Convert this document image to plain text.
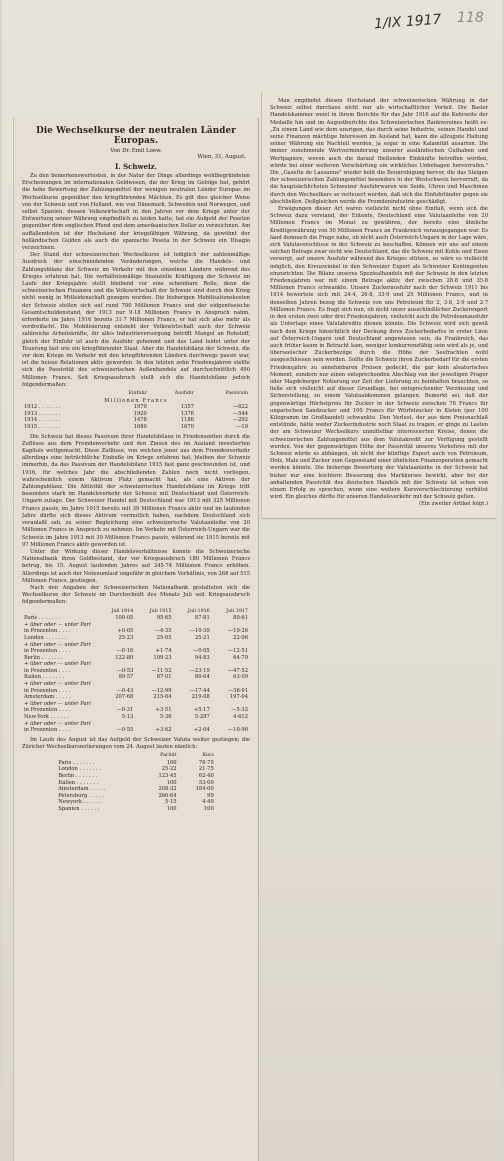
1/IX 1917 118
Die Wechselkurse der neutralen Länder Europas.

Von Dr. Emil Loew.

Wien, 31. August.

I. Schweiz.

Zu den bemerkenswertesten, in der Natur der Dinge allerdings wohlbegründeten Erscheinungen im internationalen Geldwesen, die der Krieg im Gefolge hat, gehört die hohe Bewertung der Zahlungsmittel der wenigen neutralen Länder Europas im Wechselkurse gegenüber den kriegführenden Mächten. Es gilt dies gleicher Weise von der Schweiz und von Holland, wie von Dänemark, Schweden und Norwegen, und selbst Spanien, dessen Volkswirtschaft in den Jahren vor dem Kriege unter der Entwertung seiner Währung empfindlich zu leiden hatte, hat ein Aufgeld der Peseten gegenüber dem englischen Pfund und dem amerikanischen Dollar zu verzeichnen. Am auffallendsten ist der Hochstand der kriegsfähigen Währung, da gewöhnt der holländischen Gulden als auch die spanische Peseta in der Schweiz ein Disagio verzeichnen.

Der Stand der schweizerischen Wechselkurse ist lediglich der zahlenmäßige Ausdruck der einschneidenden Veränderungen, welche die Handels- und Zahlungsbilanz der Schweiz im Verkehr mit den einzelnen Ländern während des Krieges erfahren hat. Die verhältnismäßige finanzielle Kräftigung der Schweiz im Laufe der Kriegsjahre stellt bleibend vor eine scheinbare Rolle, denn die schweizerischen Finanzen und die Volkswirtschaft der Schweiz sind durch den Krieg nicht wenig in Mitleidenschaft gezogen worden. Die bisherigen Mobilisationskosten der Schweiz stellen sich auf rund 700 Millionen Francs und der eidgenössische Gesamtschuldenstand, der 1913 nur 9·18 Millionen Francs in Anspruch nahm, erforderte im Jahre 1916 bereits 31·7 Millionen Francs, er hat sich also mehr als verdreifacht. Die Mobilisierung entzieht der Volkswirtschaft auch der Schweiz zahlreiche Arbeitskräfte, ihr alles Industrieversorgung betrifft Mangel an Rohstoff, gleich der Einfuhr ist auch die Ausfuhr gehemmt und das Land leidet unter der Teuerung fast wie ein kriegführender Staat. Aber die Handelsbilanz der Schweiz, die vor dem Kriege im Verkehr mit den kriegführenden Ländern durchwegs passiv war, ist die heisse Relationen aktiv geworden. In den letzten zehn Friedensjahren stellte sich die Passivität des schweizerischen Außenhandels auf durchschnittlich 490 Millionen Francs. Seit Kriegsausbruch stellt sich die Handelsbilanz jedoch folgendermaßen:

	Einfuhr	Ausfuhr	Passivum
Millionen Francs			
1912 . . . . . . .	1979	1357	—622
1913 . . . . . . .	1920	1376	—544
1914 . . . . . . .	1478	1186	—292
1915 . . . . . . .	1680	1670	—10

Die Schweiz hat dieses Passivum ihrer Handelsbilanz in Friedenszeiten durch die Zuflüsse aus dem Fremdenverkehr und den Zinsen des im Ausland investierten Kapitals wettgemacht. Diese Zuflüsse, von welchen jener aus dem Fremdenverkehr allerdings eine beträchtliche Einbuße im Kriege erfahren hat, bleiben der Schweiz immerhin, da das Passivum der Handelsbilanz 1915 fast ganz geschwunden ist, und 1916, für welches Jahr die abschließenden Zahlen noch nicht vorliegen, wahrscheinlich einem Aktivum Platz gemacht hat, als eine Aktiven der Zahlungsbilanz. Die Aktivität der schweizerischen Handelsbilanz im Kriege tritt besonders stark im Handelsverkehr der Schweiz mit Deutschland und Österreich-Ungarn zutage. Der Schweizer Handel mit Deutschland war 1913 mit 325 Millionen Francs passiv, im Jahre 1915 bereits mit 39 Millionen Francs aktiv und im laufenden Jahre dürfte sich dieses Aktivum vermutlich haben, nachdem Deutschland sich veranlaßt sah, zu seiner Begleichung eine schweizerische Valutaanleihe von 20 Millionen Francs in Anspruch zu nehmen. Im Verkehr mit Österreich-Ungarn war die Schweiz im Jahre 1913 mit 30 Millionen Francs passiv, während sie 1915 bereits mit 97 Millionen Francs aktiv geworden ist.

Unter der Wirkung dieser Handelsverhältnisse konnte die Schweizerische Nationalbank ihren Goldbestand, der vor Kriegsausbruch 180 Millionen Francs betrug, bis 15. August laufenden Jahres auf 345·74 Millionen Francs erhöhen. Allerdings ist auch der Notenumlauf ungefähr in gleichem Verhältnis, von 268 auf 515 Millionen Francs, gestiegen.

Nach den Angaben der Schweizerischen Nationalbank gestalteten sich die Wechselkurse der Schweiz im Durchschnitt des Monats Juli seit Kriegsausbruch folgendermaßen:

	Juli 1914	Juli 1915	Juli 1916	Juli 1917
Paris . . . . . . .	100·05	95·65	87·81	80·61
+ über oder — unter Pari				
in Prozenten . . . .	+0·05	—4·35	—10·39	—19·26
London . . . . . . .	25·23	25·05	25·21	22·06
+ über oder — unter Pari				
in Prozenten . . . .	—0·16	+1·74	—0·05	—12·51
Berlin . . . . . . .	122·80	109·23	94·83	64·79
+ über oder — unter Pari				
in Prozenten . . . .	—0·53	—11·52	—23·19	—47·52
Italien . . . . . . .	99·57	87·01	80·04	63·09
+ über oder — unter Pari				
in Prozenten . . . .	—0·43	—12·99	—17·44	—36·91
Amsterdam . . . . .	207·68	215·64	219·08	197·04
+ über oder — unter Pari				
in Prozenten . . . .	—0·31	+3·51	+5·17	—5·33
New-York . . . . . .	5·13	5·36	5·287	4·612
+ über oder — unter Pari				
in Prozenten . . . .	—0·55	+3·62	+2·04	—10·90

Im Laufe des August ist das Aufgeld der Schweizer Valuta weiter gestiegen; die Züricher Wechselkursnotierungen vom 24. August lauten nämlich:

	Parität	Kurs
Paris . . . . . . .	100	76·75
London . . . . . . .	25·22	21·75
Berlin . . . . . . .	123·45	62·40
Italien . . . . . . .	100	53·00
Amsterdam . . . . .	208·32	184·00
Petersburg . . . . .	266·64	99
Newyork . . . . . .	5·15	4·40
Spanien . . . . . .	100	100

Man empfindet diesen Hochstand der schweizerischen Währung in der Schweiz selbst durchaus nicht nur als wirtschaftlicher Vorteil. Die Basler Handelskammer weist in ihrem Berichte für das Jahr 1916 auf die Kehrseite der Medaille hin und im Augustberichte des Schweizerischen Bankvereines heißt es: „Zu einem Land wie dem unsrigen, das durch seine Industrie, seinen Handel und seine Finanzen mächtige Interessen im Ausland hat, kann die allzugute Haltung seiner Währung ein Nachteil werden, ja sogar in eine Kalamität ausarten. Die immer zunehmende Wertverminderung unserer ausländischen Guthaben und Wertpapiere, wovon auch die darauf fließenden Einkünfte betroffen werden, würde bei einer weiteren Verschärfung ein wirkliches Unbehagen hervorrufen." Die „Gazette de Lausanne" wieder hebt die Beunruhigung hervor, die das Steigen der schweizerischen Zahlungsmittel besonders in der Westschweiz hervorruft, da die hauptsächlichsten Schweizer Ausfuhrwaren wie Seide, Uhren und Maschinen durch den Wechselkurs so verteuert werden, daß sich die Einfuhrländer gegen sie abschließen. Deßgleichen werde die Fremdenindustrie geschädigt.

Erwägungen dieser Art waren vielleicht nicht ohne Einfluß, wenn sich die Schweiz dazu verstand, der Entente, Deutschland eine Valutaanleihe von 20 Millionen Francs im Monat zu gewähren, der bereits eine ähnliche Kreditgewährung von 50 Millionen Francs an Frankreich vorausgegangen war. Es fand demnach die Frage nahe, ob nicht auch Österreich-Ungarn in der Lage wäre, sich Valutavorschüsse in der Schweiz zu beschaffen. Können wir uns auf einem solchen Betrage zwar nicht wie Deutschland, das die Schweiz mit Kohle und Eisen versorgt, auf unsere Ausfuhr während des Krieges stützen, so wäre es vielleicht möglich, den Kreuzwinkel in den Schweizer Export als Schweizer Kontingenten einzurichten. Die Bilanz unseres Speziealhandels mit der Schweiz in den letzten Friedensjahren war mit einem Betrage aktiv, der zwischen 28·8 und 35·8 Millionen Francs schwankte. Unsere Zuckerausfuhr nach der Schweiz 1911 bis 1914 bewertete sich mit 24·4, 26·8, 33·9 und 25 Millionen Francs, und in denselben Jahren bezog die Schweiz von uns Petroleum für 2, 3·8, 2·9 und 2·7 Millionen Francs. Es fragt sich nun, ob nicht unser ausschließlicher Zuckerexport in den ersten zwei oder drei Friedensjahren, vielleicht auch die Petroleumausfuhr als Unterlage eines Valutakredits dienen könnte. Die Schweiz wird sich gewiß nach dem Kriege hinsichtlich der Deckung ihres Zuckerbedarfes in erster Linie auf Österreich-Ungarn und Deutschland angewiesen sein, da Frankreich, das auch früher kaum in Betracht kam, weniger konkurrenzfähig sein wird als je, und überseeischer Zuckerbezüge durch die Höhe der Seefrachten wohl ausgeschlossen sein werden. Sollte die Schweiz ihren Zuckerbedarf für die ersten Friedensjahre zu annehmbaren Preisen gedeckt, die gar kein aleatorisches Moment, sondern nur einen entsprechenden Abschlag von der jeweiligen Prager oder Magdeburger Notierung zur Zeit der Lieferung zu beinhalten brauchten, so ließe sich vielleicht auf dieser Grundlage, bei entsprechender Verzinsung und Sicherstellung, zu einem Valutaabkommen gelangen. Bemerkt sei, daß der gegenwärtige Höchstpreis für Zucker in der Schweiz zwischen 76 Francs für ungarischen Sandzucker und 100 Francs für Würfelzucker in Kisten (per 100 Kilogramm im Großhandel) schwankte. Den Verlust, der aus dem Preisnachlaß entstünde, hätte weder Zuckerindustrie noch Staat zu tragen, er ginge zu Lasten der am Schweizer Wechselkurs unmittelbar interessierten Kreise, denen die schweizerischen Zahlungsmittel aus dem Valutakredit zur Verfügung gestellt werden. Von der gegenwärtigen Höhe der Passivität unseres Verkehres mit der Schweiz würde es abhängen, ob nicht der künftige Export auch von Petroleum, Holz, Malz und Zucker zum Gegenstand einer ähnlichen Finanzoperation gemacht werden könnte. Die bisherige Bewertung der Valutaanleihe in der Schweiz hat bisher nur eine leichtere Besserung des Markkurses bewirkt, aber bei der anhaltenden Passivität des deutschen Handels mit der Schweiz ist schon von einem Erfolg zu sprechen, wenn eine weitere Kursverschlechterung verhütet wird. Ein gleiches dürfte für unseren Handelsverkehr mit der Schweiz gelten.

(Ein zweiter Artikel folgt.)
